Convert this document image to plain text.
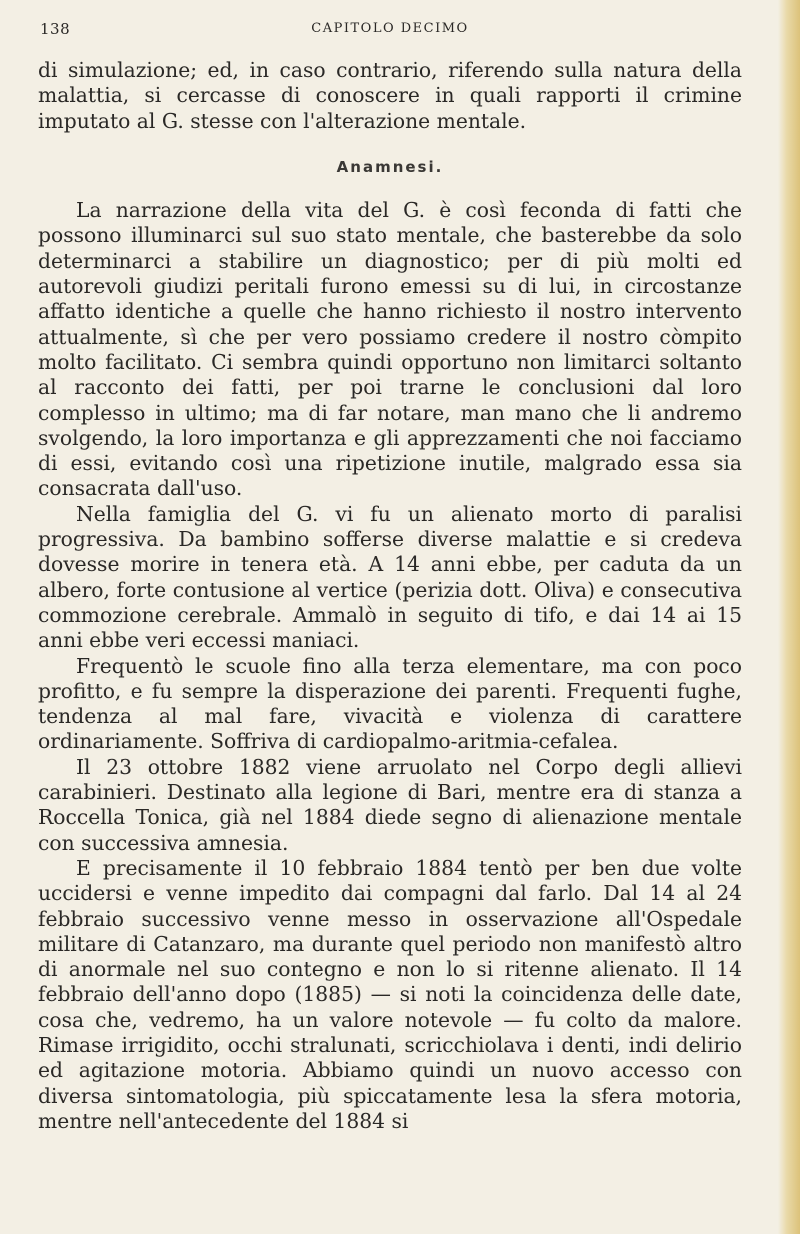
138	CAPITOLO DECIMO

di simulazione; ed, in caso contrario, riferendo sulla natura della malattia, si cercasse di conoscere in quali rapporti il crimine imputato al G. stesse con l'alterazione mentale.

Anamnesi.

La narrazione della vita del G. è così feconda di fatti che possono illuminarci sul suo stato mentale, che basterebbe da solo determinarci a stabilire un diagnostico; per di più molti ed autorevoli giudizi peritali furono emessi su di lui, in circostanze affatto identiche a quelle che hanno richiesto il nostro intervento attualmente, sì che per vero possiamo credere il nostro còmpito molto facilitato. Ci sembra quindi opportuno non limitarci soltanto al racconto dei fatti, per poi trarne le conclusioni dal loro complesso in ultimo; ma di far notare, man mano che li andremo svolgendo, la loro importanza e gli apprezzamenti che noi facciamo di essi, evitando così una ripetizione inutile, malgrado essa sia consacrata dall'uso.

Nella famiglia del G. vi fu un alienato morto di paralisi progressiva. Da bambino sofferse diverse malattie e si credeva dovesse morire in tenera età. A 14 anni ebbe, per caduta da un albero, forte contusione al vertice (perizia dott. Oliva) e consecutiva commozione cerebrale. Ammalò in seguito di tifo, e dai 14 ai 15 anni ebbe veri eccessi maniaci.

Frequentò le scuole fino alla terza elementare, ma con poco profitto, e fu sempre la disperazione dei parenti. Frequenti fughe, tendenza al mal fare, vivacità e violenza di carattere ordinariamente. Soffriva di cardiopalmo-aritmia-cefalea.

Il 23 ottobre 1882 viene arruolato nel Corpo degli allievi carabinieri. Destinato alla legione di Bari, mentre era di stanza a Roccella Tonica, già nel 1884 diede segno di alienazione mentale con successiva amnesia.

E precisamente il 10 febbraio 1884 tentò per ben due volte uccidersi e venne impedito dai compagni dal farlo. Dal 14 al 24 febbraio successivo venne messo in osservazione all'Ospedale militare di Catanzaro, ma durante quel periodo non manifestò altro di anormale nel suo contegno e non lo si ritenne alienato. Il 14 febbraio dell'anno dopo (1885) — si noti la coincidenza delle date, cosa che, vedremo, ha un valore notevole — fu colto da malore. Rimase irrigidito, occhi stralunati, scricchiolava i denti, indi delirio ed agitazione motoria. Abbiamo quindi un nuovo accesso con diversa sintomatologia, più spiccatamente lesa la sfera motoria, mentre nell'antecedente del 1884 si
